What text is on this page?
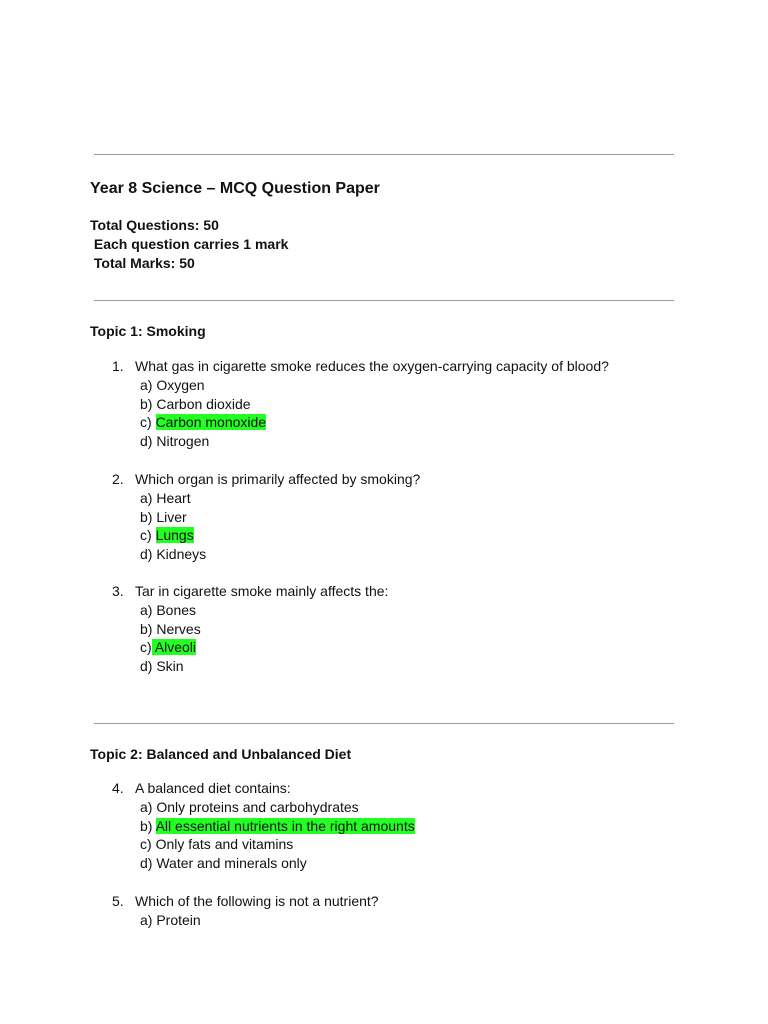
Year 8 Science – MCQ Question Paper
Total Questions: 50
Each question carries 1 mark
Total Marks: 50
Topic 1: Smoking
1. What gas in cigarette smoke reduces the oxygen-carrying capacity of blood?
a) Oxygen
b) Carbon dioxide
c) Carbon monoxide
d) Nitrogen
2. Which organ is primarily affected by smoking?
a) Heart
b) Liver
c) Lungs
d) Kidneys
3. Tar in cigarette smoke mainly affects the:
a) Bones
b) Nerves
c) Alveoli
d) Skin
Topic 2: Balanced and Unbalanced Diet
4. A balanced diet contains:
a) Only proteins and carbohydrates
b) All essential nutrients in the right amounts
c) Only fats and vitamins
d) Water and minerals only
5. Which of the following is not a nutrient?
a) Protein
